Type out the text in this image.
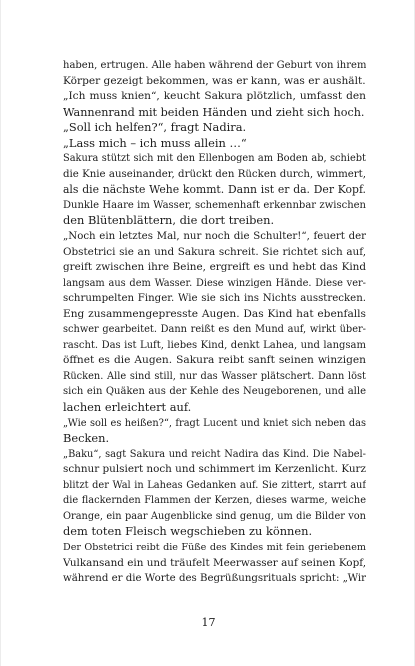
haben, ertrugen. Alle haben während der Geburt von ihrem
Körper gezeigt bekommen, was er kann, was er aushält.
„Ich muss knien“, keucht Sakura plötzlich, umfasst den
Wannenrand mit beiden Händen und zieht sich hoch.
„Soll ich helfen?“, fragt Nadira.
„Lass mich – ich muss allein …“
Sakura stützt sich mit den Ellenbogen am Boden ab, schiebt
die Knie auseinander, drückt den Rücken durch, wimmert,
als die nächste Wehe kommt. Dann ist er da. Der Kopf.
Dunkle Haare im Wasser, schemenhaft erkennbar zwischen
den Blütenblättern, die dort treiben.
„Noch ein letztes Mal, nur noch die Schulter!“, feuert der
Obstetrici sie an und Sakura schreit. Sie richtet sich auf,
greift zwischen ihre Beine, ergreift es und hebt das Kind
langsam aus dem Wasser. Diese winzigen Hände. Diese ver-
schrumpelten Finger. Wie sie sich ins Nichts ausstrecken.
Eng zusammengepresste Augen. Das Kind hat ebenfalls
schwer gearbeitet. Dann reißt es den Mund auf, wirkt über-
rascht. Das ist Luft, liebes Kind, denkt Lahea, und langsam
öffnet es die Augen. Sakura reibt sanft seinen winzigen
Rücken. Alle sind still, nur das Wasser plätschert. Dann löst
sich ein Quäken aus der Kehle des Neugeborenen, und alle
lachen erleichtert auf.
„Wie soll es heißen?“, fragt Lucent und kniet sich neben das
Becken.
„Baku“, sagt Sakura und reicht Nadira das Kind. Die Nabel-
schnur pulsiert noch und schimmert im Kerzenlicht. Kurz
blitzt der Wal in Laheas Gedanken auf. Sie zittert, starrt auf
die flackernden Flammen der Kerzen, dieses warme, weiche
Orange, ein paar Augenblicke sind genug, um die Bilder von
dem toten Fleisch wegschieben zu können.
Der Obstetrici reibt die Füße des Kindes mit fein geriebenem
Vulkansand ein und träufelt Meerwasser auf seinen Kopf,
während er die Worte des Begrüßungsrituals spricht: „Wir
17
